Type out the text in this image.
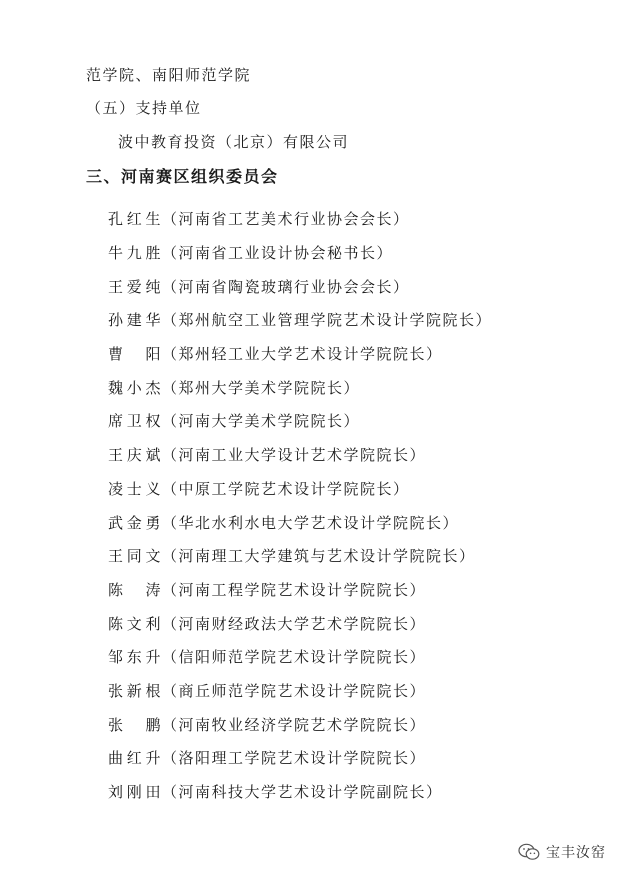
范学院、南阳师范学院
（五）支持单位
波中教育投资（北京）有限公司
三、河南赛区组织委员会
孔红生 （河南省工艺美术行业协会会长）
牛九胜 （河南省工业设计协会秘书长）
王爱纯 （河南省陶瓷玻璃行业协会会长）
孙建华 （郑州航空工业管理学院艺术设计学院院长）
曹阳 （郑州轻工业大学艺术设计学院院长）
魏小杰 （郑州大学美术学院院长）
席卫权 （河南大学美术学院院长）
王庆斌 （河南工业大学设计艺术学院院长）
凌士义 （中原工学院艺术设计学院院长）
武金勇 （华北水利水电大学艺术设计学院院长）
王同文 （河南理工大学建筑与艺术设计学院院长）
陈涛 （河南工程学院艺术设计学院院长）
陈文利 （河南财经政法大学艺术学院院长）
邹东升 （信阳师范学院艺术设计学院院长）
张新根 （商丘师范学院艺术设计学院院长）
张鹏 （河南牧业经济学院艺术学院院长）
曲红升 （洛阳理工学院艺术设计学院院长）
刘刚田 （河南科技大学艺术设计学院副院长）
宝丰汝窑
